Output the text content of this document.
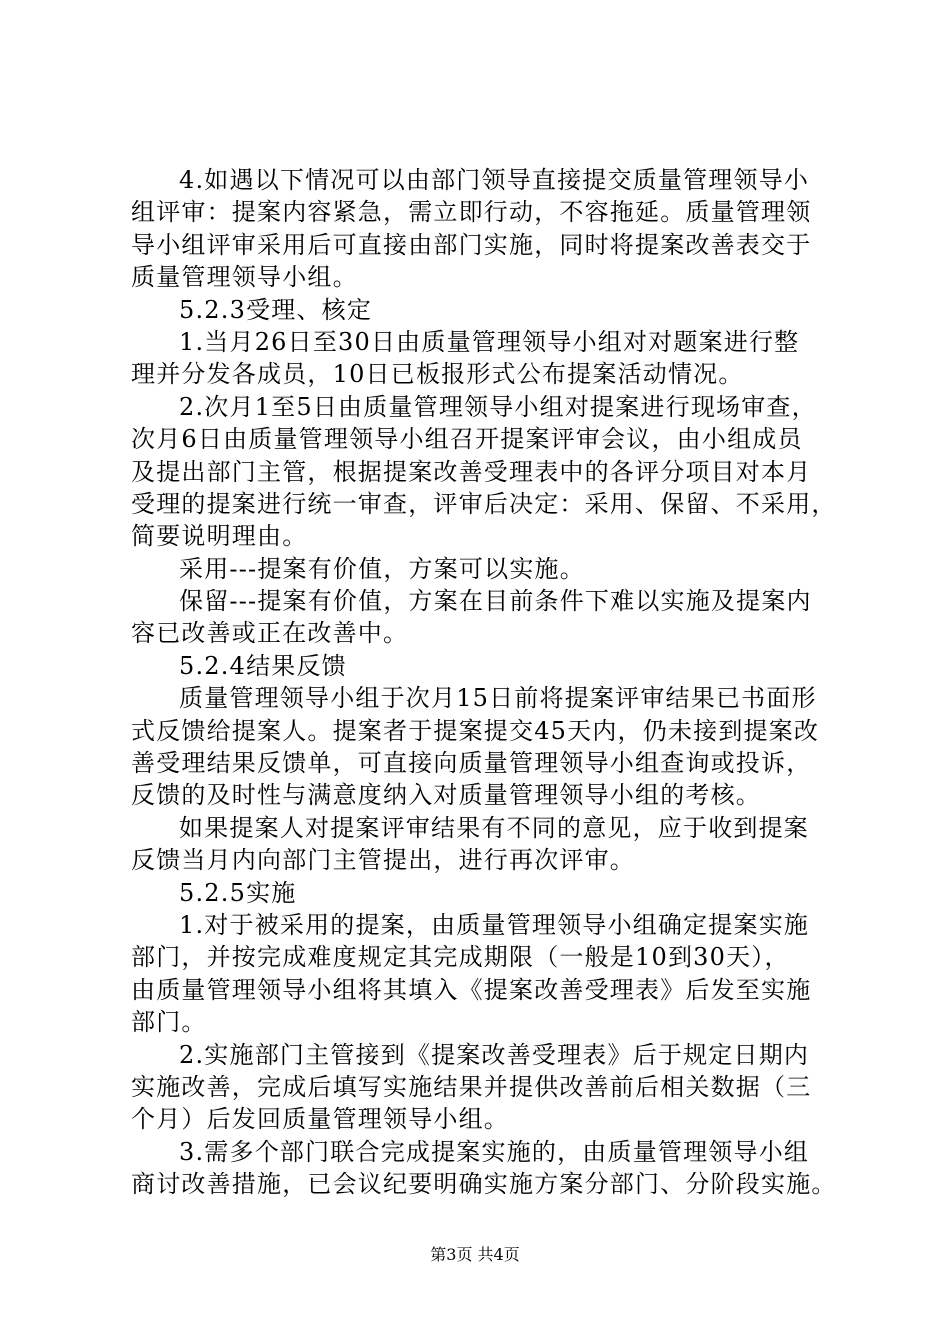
4.如遇以下情况可以由部门领导直接提交质量管理领导小
组评审：提案内容紧急，需立即行动，不容拖延。质量管理领
导小组评审采用后可直接由部门实施，同时将提案改善表交于
质量管理领导小组。
5.2.3受理、核定
1.当月26日至30日由质量管理领导小组对对题案进行整
理并分发各成员，10日已板报形式公布提案活动情况。
2.次月1至5日由质量管理领导小组对提案进行现场审查，
次月6日由质量管理领导小组召开提案评审会议，由小组成员
及提出部门主管，根据提案改善受理表中的各评分项目对本月
受理的提案进行统一审查，评审后决定：采用、保留、不采用，
简要说明理由。
采用---提案有价值，方案可以实施。
保留---提案有价值，方案在目前条件下难以实施及提案内
容已改善或正在改善中。
5.2.4结果反馈
质量管理领导小组于次月15日前将提案评审结果已书面形
式反馈给提案人。提案者于提案提交45天内，仍未接到提案改
善受理结果反馈单，可直接向质量管理领导小组查询或投诉，
反馈的及时性与满意度纳入对质量管理领导小组的考核。
如果提案人对提案评审结果有不同的意见，应于收到提案
反馈当月内向部门主管提出，进行再次评审。
5.2.5实施
1.对于被采用的提案，由质量管理领导小组确定提案实施
部门，并按完成难度规定其完成期限（一般是10到30天），
由质量管理领导小组将其填入《提案改善受理表》后发至实施
部门。
2.实施部门主管接到《提案改善受理表》后于规定日期内
实施改善，完成后填写实施结果并提供改善前后相关数据（三
个月）后发回质量管理领导小组。
3.需多个部门联合完成提案实施的，由质量管理领导小组
商讨改善措施，已会议纪要明确实施方案分部门、分阶段实施。
第3页 共4页
